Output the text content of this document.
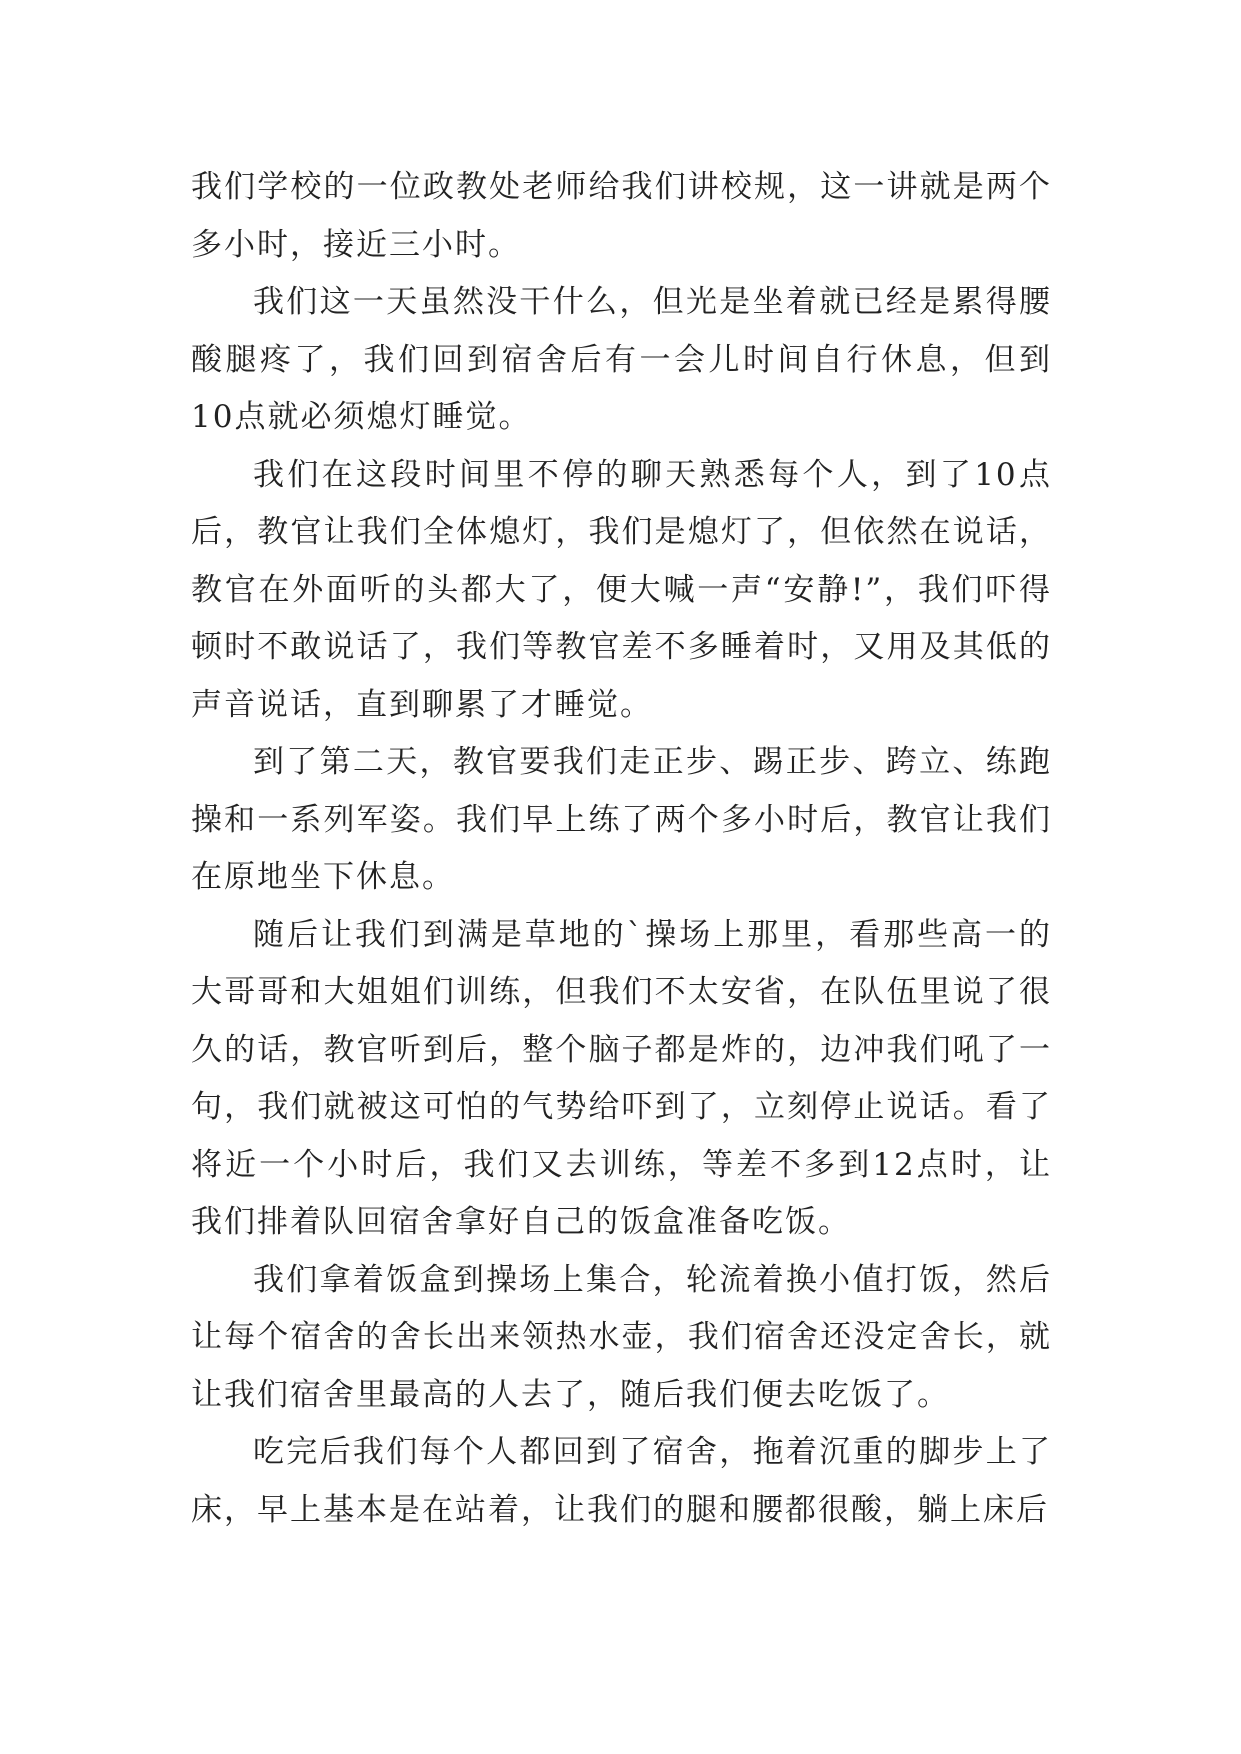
我们学校的一位政教处老师给我们讲校规，这一讲就是两个多小时，接近三小时。

我们这一天虽然没干什么，但光是坐着就已经是累得腰酸腿疼了，我们回到宿舍后有一会儿时间自行休息，但到10点就必须熄灯睡觉。

我们在这段时间里不停的聊天熟悉每个人，到了10点后，教官让我们全体熄灯，我们是熄灯了，但依然在说话，教官在外面听的头都大了，便大喊一声“安静!”，我们吓得顿时不敢说话了，我们等教官差不多睡着时，又用及其低的声音说话，直到聊累了才睡觉。

到了第二天，教官要我们走正步、踢正步、跨立、练跑操和一系列军姿。我们早上练了两个多小时后，教官让我们在原地坐下休息。

随后让我们到满是草地的`操场上那里，看那些高一的大哥哥和大姐姐们训练，但我们不太安省，在队伍里说了很久的话，教官听到后，整个脑子都是炸的，边冲我们吼了一句，我们就被这可怕的气势给吓到了，立刻停止说话。看了将近一个小时后，我们又去训练，等差不多到12点时，让我们排着队回宿舍拿好自己的饭盒准备吃饭。

我们拿着饭盒到操场上集合，轮流着换小值打饭，然后让每个宿舍的舍长出来领热水壶，我们宿舍还没定舍长，就让我们宿舍里最高的人去了，随后我们便去吃饭了。

吃完后我们每个人都回到了宿舍，拖着沉重的脚步上了床，早上基本是在站着，让我们的腿和腰都很酸，躺上床后
